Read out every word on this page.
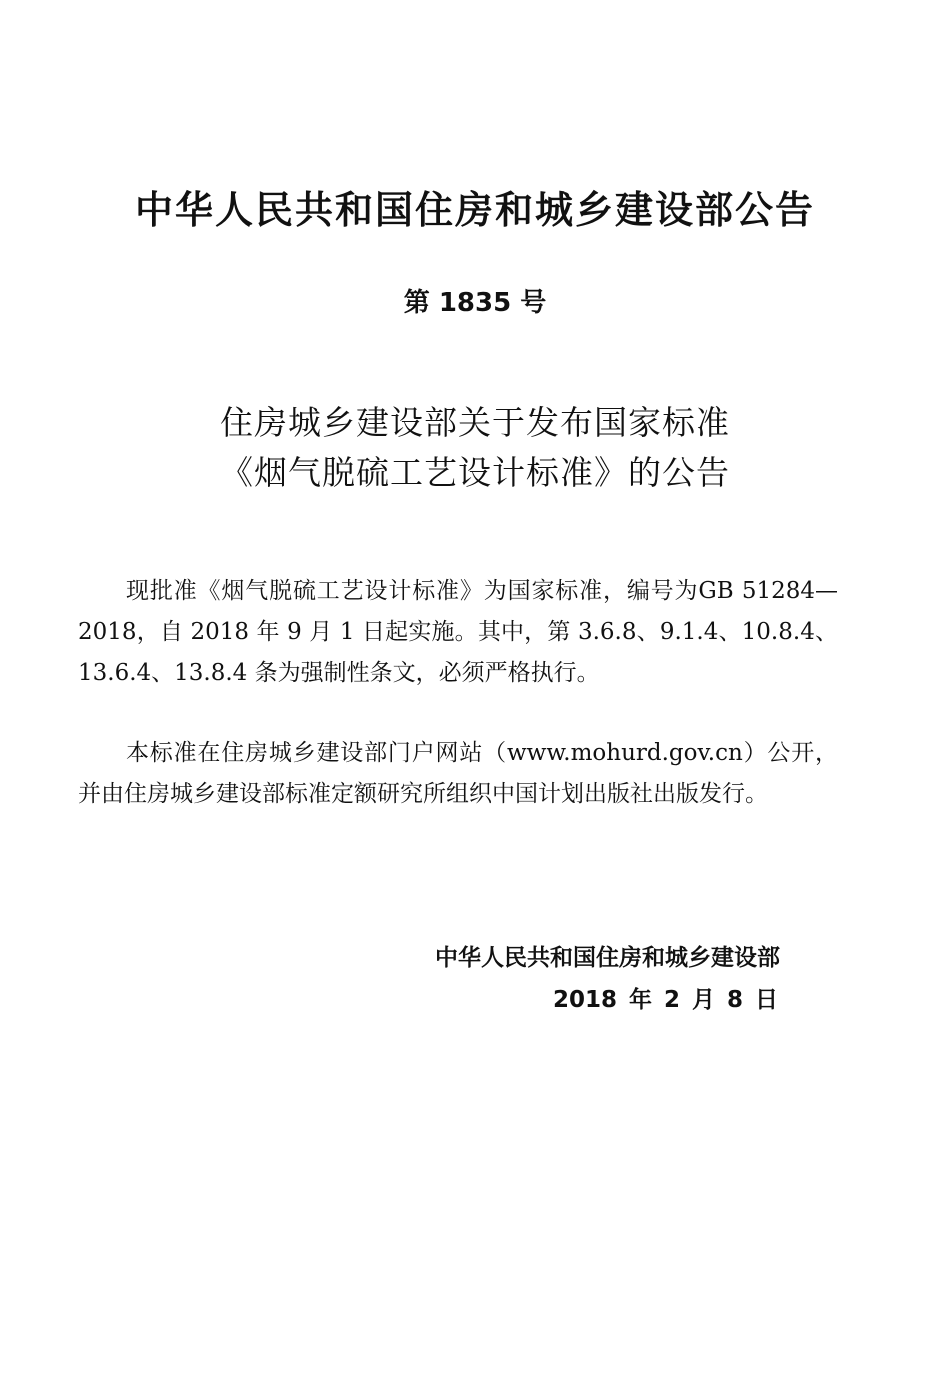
中华人民共和国住房和城乡建设部公告
第 1835 号
住房城乡建设部关于发布国家标准
《烟气脱硫工艺设计标准》的公告

现批准《烟气脱硫工艺设计标准》为国家标准，编号为GB 51284—2018，自 2018 年 9 月 1 日起实施。其中，第 3.6.8、9.1.4、10.8.4、13.6.4、13.8.4 条为强制性条文，必须严格执行。

本标准在住房城乡建设部门户网站（www.mohurd.gov.cn）公开，并由住房城乡建设部标准定额研究所组织中国计划出版社出版发行。

中华人民共和国住房和城乡建设部
2018 年 2 月 8 日
